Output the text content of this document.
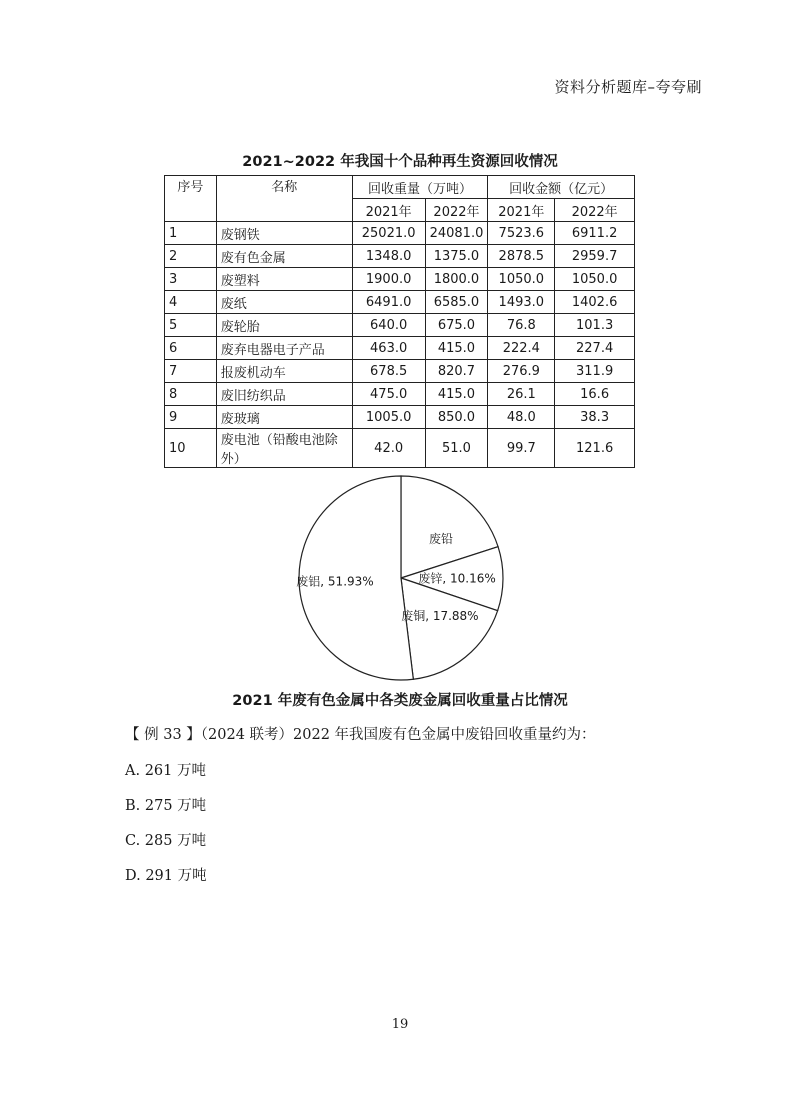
资料分析题库–夸夸刷
2021~2022 年我国十个品种再生资源回收情况
序号	名称	回收重量（万吨）		回收金额（亿元）	
		2021年	2022年	2021年	2022年
1	废钢铁	25021.0	24081.0	7523.6	6911.2
2	废有色金属	1348.0	1375.0	2878.5	2959.7
3	废塑料	1900.0	1800.0	1050.0	1050.0
4	废纸	6491.0	6585.0	1493.0	1402.6
5	废轮胎	640.0	675.0	76.8	101.3
6	废弃电器电子产品	463.0	415.0	222.4	227.4
7	报废机动车	678.5	820.7	276.9	311.9
8	废旧纺织品	475.0	415.0	26.1	16.6
9	废玻璃	1005.0	850.0	48.0	38.3
10	废电池（铅酸电池除外）	42.0	51.0	99.7	121.6
废铅
废锌, 10.16%
废铜, 17.88%
废铝, 51.93%
2021 年废有色金属中各类废金属回收重量占比情况
【 例 33 】（2024 联考）2022 年我国废有色金属中废铅回收重量约为：
A. 261 万吨
B. 275 万吨
C. 285 万吨
D. 291 万吨
19
